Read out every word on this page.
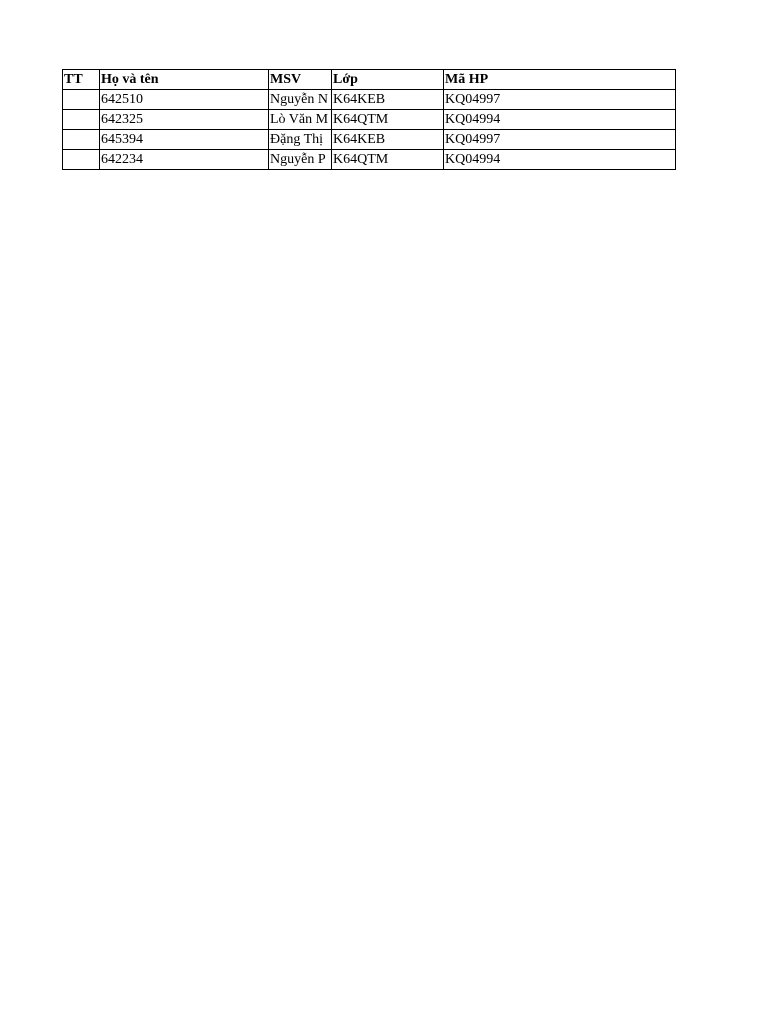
TT	Họ và tên	MSV	Lớp	Mã HP
	642510	Nguyễn N	K64KEB	KQ04997
	642325	Lò Văn M	K64QTM	KQ04994
	645394	Đặng Thị	K64KEB	KQ04997
	642234	Nguyễn P	K64QTM	KQ04994
